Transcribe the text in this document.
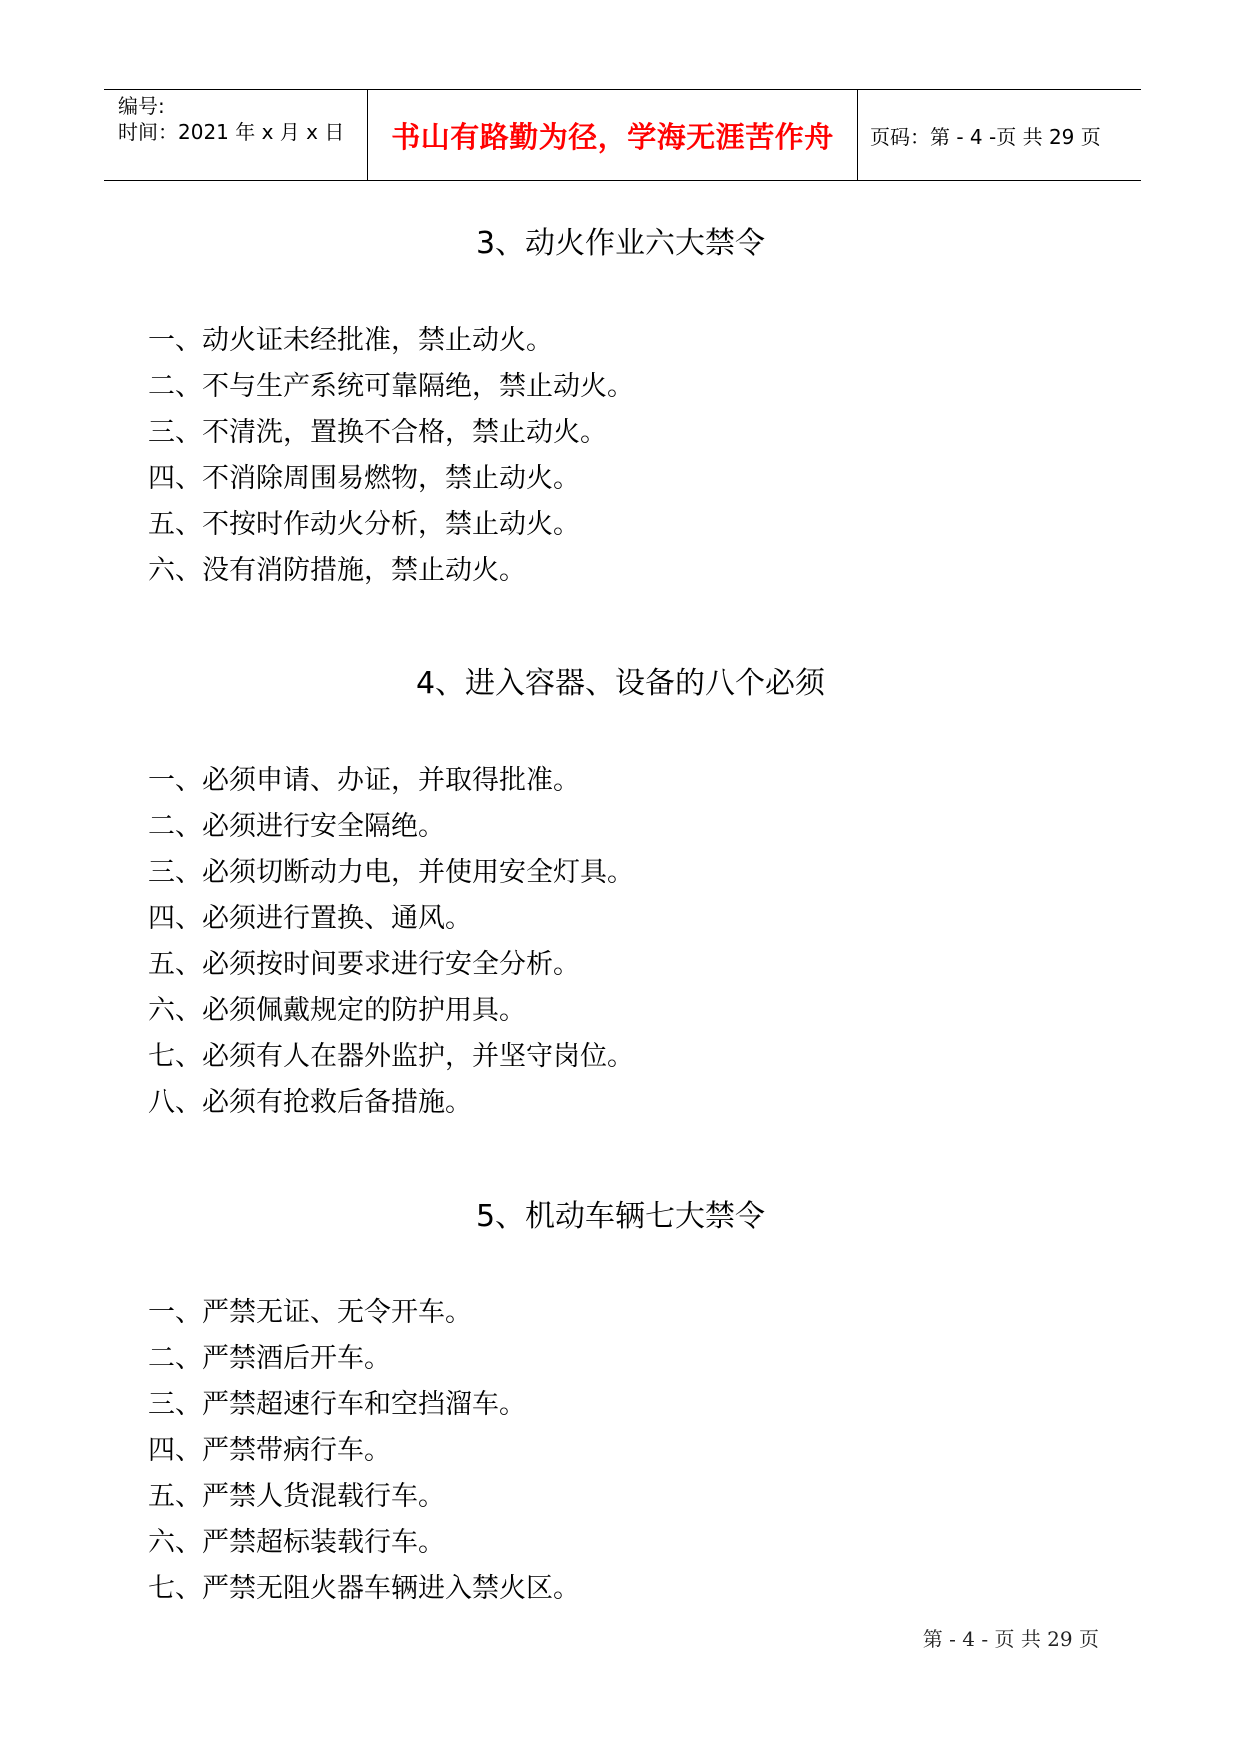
编号:
时间：2021 年 x 月 x 日	书山有路勤为径，学海无涯苦作舟	页码：第 - 4 -页 共 29 页
3、动火作业六大禁令
一、动火证未经批准，禁止动火。
二、不与生产系统可靠隔绝，禁止动火。
三、不清洗，置换不合格，禁止动火。
四、不消除周围易燃物，禁止动火。
五、不按时作动火分析，禁止动火。
六、没有消防措施，禁止动火。
4、进入容器、设备的八个必须
一、必须申请、办证，并取得批准。
二、必须进行安全隔绝。
三、必须切断动力电，并使用安全灯具。
四、必须进行置换、通风。
五、必须按时间要求进行安全分析。
六、必须佩戴规定的防护用具。
七、必须有人在器外监护，并坚守岗位。
八、必须有抢救后备措施。
5、机动车辆七大禁令
一、严禁无证、无令开车。
二、严禁酒后开车。
三、严禁超速行车和空挡溜车。
四、严禁带病行车。
五、严禁人货混载行车。
六、严禁超标装载行车。
七、严禁无阻火器车辆进入禁火区。
第 - 4 - 页 共 29 页
